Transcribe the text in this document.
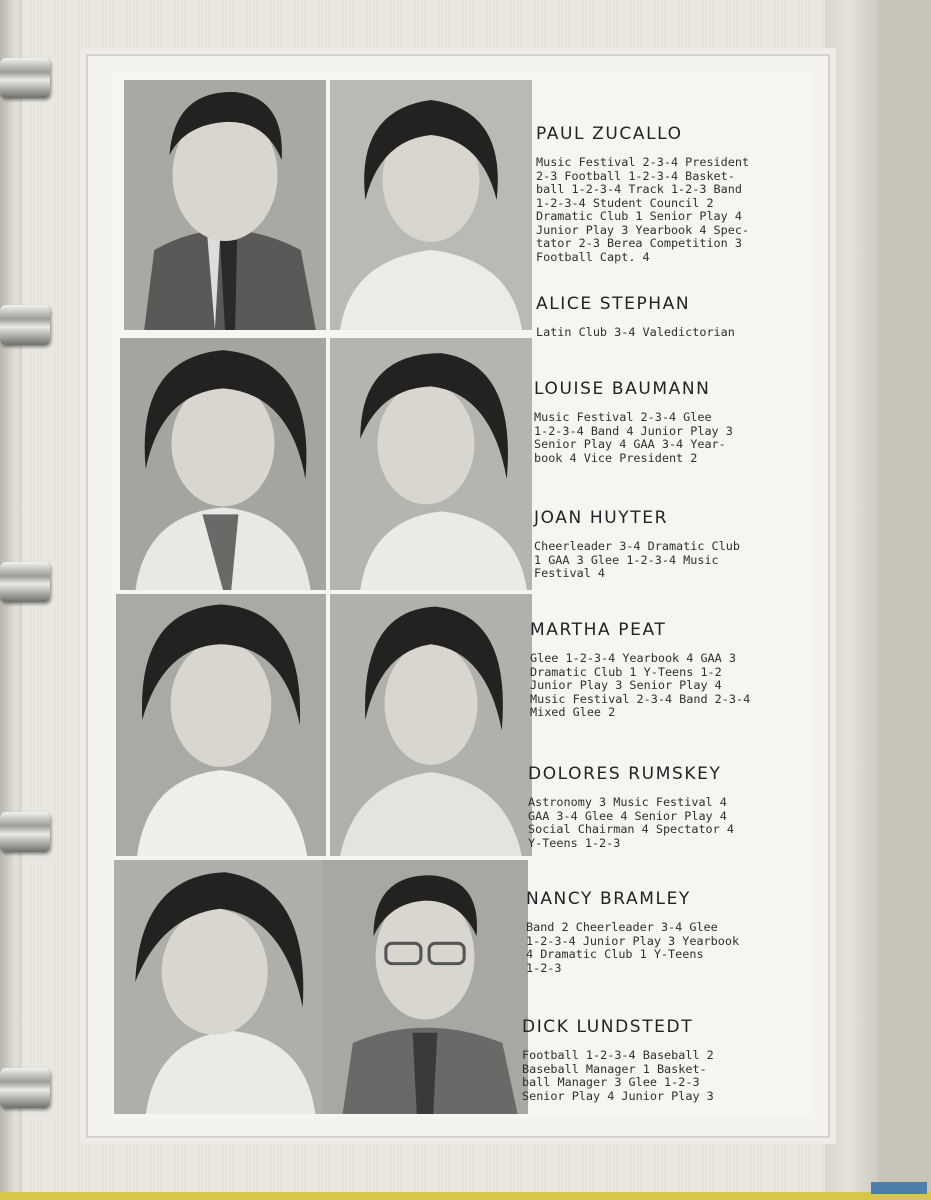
PAUL ZUCALLO

Music Festival 2-3-4 President
2-3 Football 1-2-3-4 Basket-
ball 1-2-3-4 Track 1-2-3 Band
1-2-3-4 Student Council 2
Dramatic Club 1 Senior Play 4
Junior Play 3 Yearbook 4 Spec-
tator 2-3 Berea Competition 3
Football Capt. 4

ALICE STEPHAN

Latin Club 3-4 Valedictorian

LOUISE BAUMANN

Music Festival 2-3-4 Glee
1-2-3-4 Band 4 Junior Play 3
Senior Play 4 GAA 3-4 Year-
book 4 Vice President 2

JOAN HUYTER

Cheerleader 3-4 Dramatic Club
1 GAA 3 Glee 1-2-3-4 Music
Festival 4

MARTHA PEAT

Glee 1-2-3-4 Yearbook 4 GAA 3
Dramatic Club 1 Y-Teens 1-2
Junior Play 3 Senior Play 4
Music Festival 2-3-4 Band 2-3-4
Mixed Glee 2

DOLORES RUMSKEY

Astronomy 3 Music Festival 4
GAA 3-4 Glee 4 Senior Play 4
Social Chairman 4 Spectator 4
Y-Teens 1-2-3

NANCY BRAMLEY

Band 2 Cheerleader 3-4 Glee
1-2-3-4 Junior Play 3 Yearbook
4 Dramatic Club 1 Y-Teens
1-2-3

DICK LUNDSTEDT

Football 1-2-3-4 Baseball 2
Baseball Manager 1 Basket-
ball Manager 3 Glee 1-2-3
Senior Play 4 Junior Play 3
